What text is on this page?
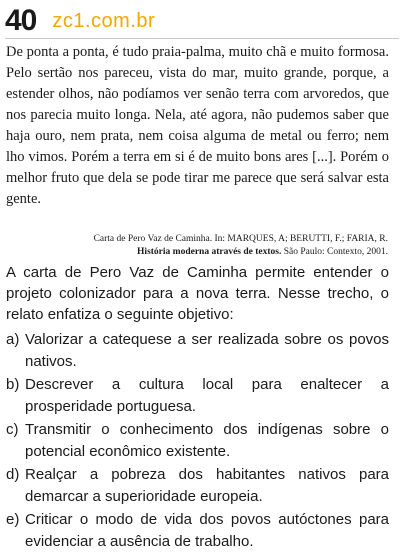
40 zc1.com.br

De ponta a ponta, é tudo praia-palma, muito chã e muito formosa. Pelo sertão nos pareceu, vista do mar, muito grande, porque, a estender olhos, não podíamos ver senão terra com arvoredos, que nos parecia muito longa. Nela, até agora, não pudemos saber que haja ouro, nem prata, nem coisa alguma de metal ou ferro; nem lho vimos. Porém a terra em si é de muito bons ares [...]. Porém o melhor fruto que dela se pode tirar me parece que será salvar esta gente.

Carta de Pero Vaz de Caminha. In: MARQUES, A; BERUTTI, F.; FARIA, R.
História moderna através de textos. São Paulo: Contexto, 2001.
A carta de Pero Vaz de Caminha permite entender o projeto colonizador para a nova terra. Nesse trecho, o relato enfatiza o seguinte objetivo:
a) Valorizar a catequese a ser realizada sobre os povos nativos.
b) Descrever a cultura local para enaltecer a prosperidade portuguesa.
c) Transmitir o conhecimento dos indígenas sobre o potencial econômico existente.
d) Realçar a pobreza dos habitantes nativos para demarcar a superioridade europeia.
e) Criticar o modo de vida dos povos autóctones para evidenciar a ausência de trabalho.
